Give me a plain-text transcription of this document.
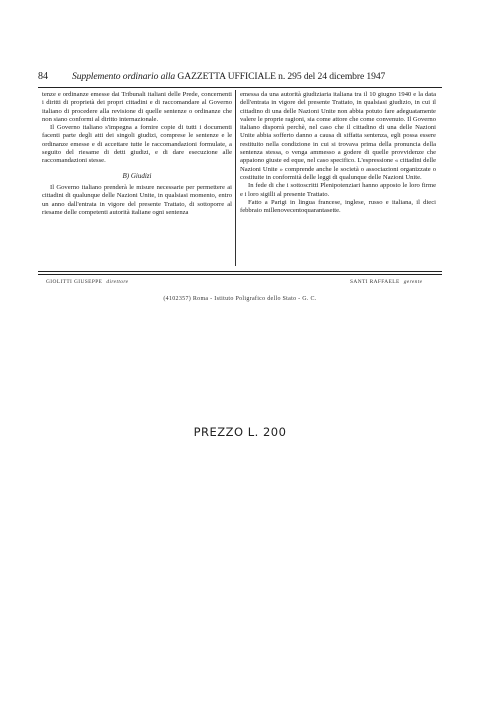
84	Supplemento ordinario alla GAZZETTA UFFICIALE n. 295 del 24 dicembre 1947

tenze e ordinanze emesse dai Tribunali italiani delle Prede, concernenti i diritti di proprietà dei propri cittadini e di raccomandare al Governo italiano di procedere alla revisione di quelle sentenze o ordinanze che non siano conformi al diritto internazionale.

Il Governo italiano s'impegna a fornire copie di tutti i documenti facenti parte degli atti dei singoli giudizi, comprese le sentenze e le ordinanze emesse e di accettare tutte le raccomandazioni formulate, a seguito del riesame di detti giudizi, e di dare esecuzione alle raccomandazioni stesse.

B) Giudizi

Il Governo italiano prenderà le misure necessarie per permettere ai cittadini di qualunque delle Nazioni Unite, in qualsiasi momento, entro un anno dall'entrata in vigore del presente Trattato, di sottoporre al riesame delle competenti autorità italiane ogni sentenza

emessa da una autorità giudiziaria italiana tra il 10 giugno 1940 e la data dell'entrata in vigore del presente Trattato, in qualsiasi giudizio, in cui il cittadino di una delle Nazioni Unite non abbia potuto fare adeguatamente valere le proprie ragioni, sia come attore che come convenuto. Il Governo italiano disporrà perchè, nel caso che il cittadino di una delle Nazioni Unite abbia sofferto danno a causa di siffatta sentenza, egli possa essere restituito nella condizione in cui si trovava prima della pronuncia della sentenza stessa, o venga ammesso a godere di quelle provvidenze che appaiono giuste ed eque, nel caso specifico. L'espressione « cittadini delle Nazioni Unite » comprende anche le società o associazioni organizzate o costituite in conformità delle leggi di qualunque delle Nazioni Unite.

In fede di che i sottoscritti Plenipotenziari hanno apposto le loro firme e i loro sigilli al presente Trattato.

Fatto a Parigi in lingua francese, inglese, russo e italiana, il dieci febbraio millenovecentoquarantasette.

GIOLITTI GIUSEPPE direttore	SANTI RAFFAELE gerente
(4102357) Roma - Istituto Poligrafico dello Stato - G. C.
PREZZO L. 200
